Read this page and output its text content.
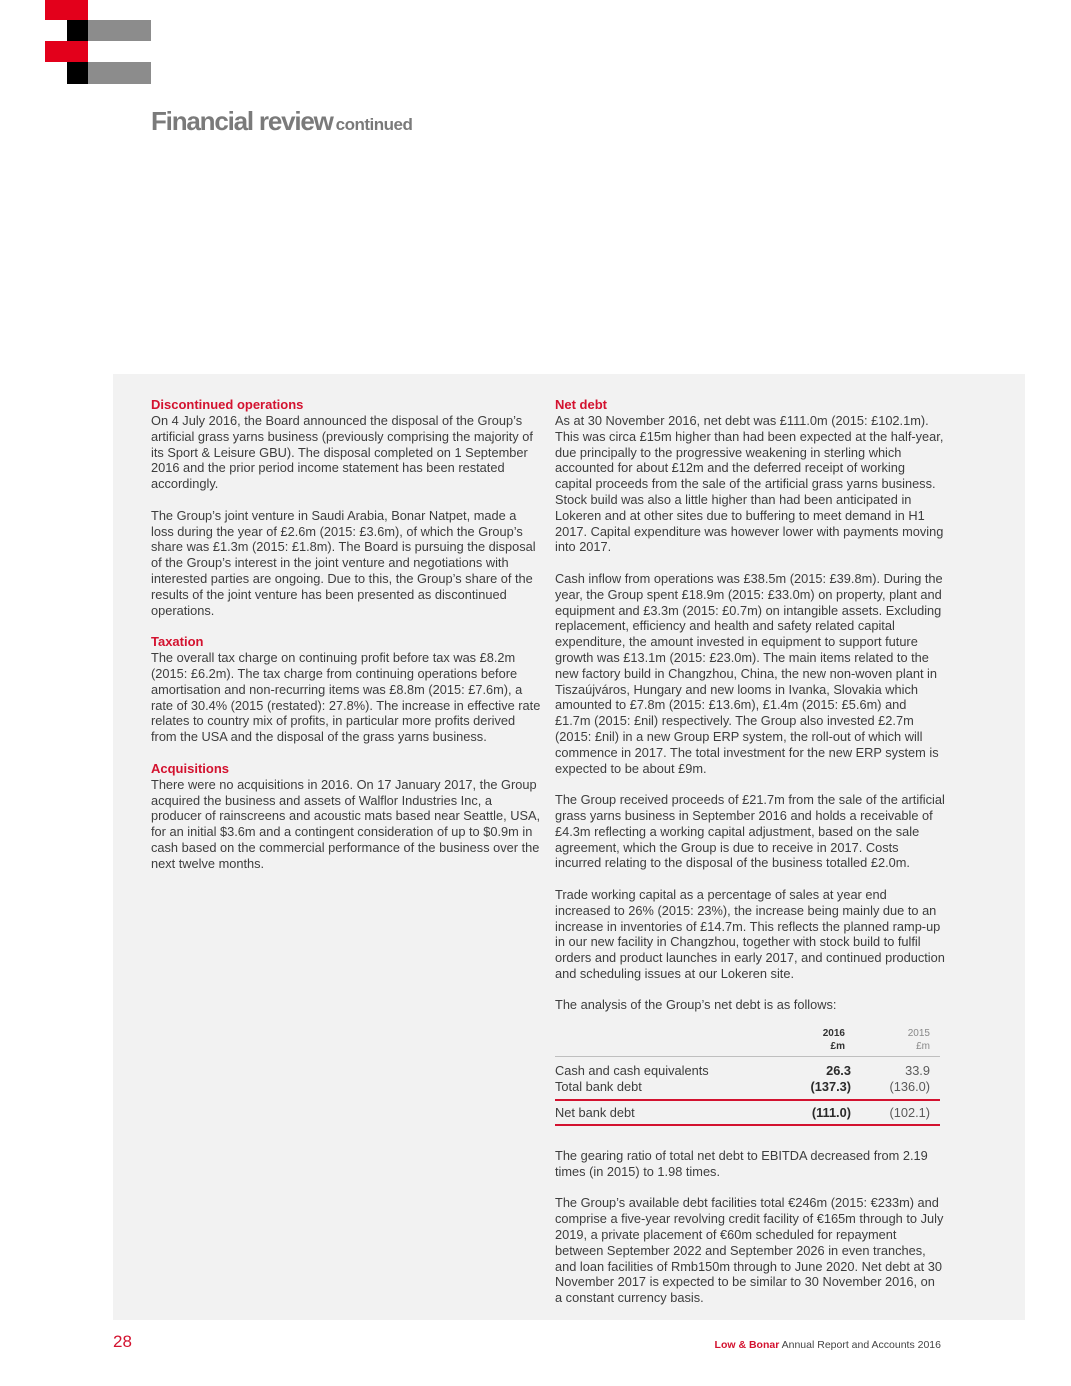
Financial review continued
Discontinued operations

On 4 July 2016, the Board announced the disposal of the Group’s artificial grass yarns business (previously comprising the majority of its Sport & Leisure GBU). The disposal completed on 1 September 2016 and the prior period income statement has been restated accordingly.

The Group’s joint venture in Saudi Arabia, Bonar Natpet, made a loss during the year of £2.6m (2015: £3.6m), of which the Group’s share was £1.3m (2015: £1.8m). The Board is pursuing the disposal of the Group’s interest in the joint venture and negotiations with interested parties are ongoing. Due to this, the Group’s share of the results of the joint venture has been presented as discontinued operations.

Taxation

The overall tax charge on continuing profit before tax was £8.2m (2015: £6.2m). The tax charge from continuing operations before amortisation and non-recurring items was £8.8m (2015: £7.6m), a rate of 30.4% (2015 (restated): 27.8%). The increase in effective rate relates to country mix of profits, in particular more profits derived from the USA and the disposal of the grass yarns business.

Acquisitions

There were no acquisitions in 2016. On 17 January 2017, the Group acquired the business and assets of Walflor Industries Inc, a producer of rainscreens and acoustic mats based near Seattle, USA, for an initial $3.6m and a contingent consideration of up to $0.9m in cash based on the commercial performance of the business over the next twelve months.

Net debt

As at 30 November 2016, net debt was £111.0m (2015: £102.1m). This was circa £15m higher than had been expected at the half-year, due principally to the progressive weakening in sterling which accounted for about £12m and the deferred receipt of working capital proceeds from the sale of the artificial grass yarns business. Stock build was also a little higher than had been anticipated in Lokeren and at other sites due to buffering to meet demand in H1 2017. Capital expenditure was however lower with payments moving into 2017.

Cash inflow from operations was £38.5m (2015: £39.8m). During the year, the Group spent £18.9m (2015: £33.0m) on property, plant and equipment and £3.3m (2015: £0.7m) on intangible assets. Excluding replacement, efficiency and health and safety related capital expenditure, the amount invested in equipment to support future growth was £13.1m (2015: £23.0m). The main items related to the new factory build in Changzhou, China, the new non-woven plant in Tiszaújváros, Hungary and new looms in Ivanka, Slovakia which amounted to £7.8m (2015: £13.6m), £1.4m (2015: £5.6m) and £1.7m (2015: £nil) respectively. The Group also invested £2.7m (2015: £nil) in a new Group ERP system, the roll-out of which will commence in 2017. The total investment for the new ERP system is expected to be about £9m.

The Group received proceeds of £21.7m from the sale of the artificial grass yarns business in September 2016 and holds a receivable of £4.3m reflecting a working capital adjustment, based on the sale agreement, which the Group is due to receive in 2017. Costs incurred relating to the disposal of the business totalled £2.0m.

Trade working capital as a percentage of sales at year end increased to 26% (2015: 23%), the increase being mainly due to an increase in inventories of £14.7m. This reflects the planned ramp-up in our new facility in Changzhou, together with stock build to fulfil orders and product launches in early 2017, and continued production and scheduling issues at our Lokeren site.

The analysis of the Group’s net debt is as follows:

	2016	2015
	£m	£m
Cash and cash equivalents	26.3	33.9
Total bank debt	(137.3)	(136.0)
Net bank debt	(111.0)	(102.1)

The gearing ratio of total net debt to EBITDA decreased from 2.19 times (in 2015) to 1.98 times.

The Group’s available debt facilities total €246m (2015: €233m) and comprise a five-year revolving credit facility of €165m through to July 2019, a private placement of €60m scheduled for repayment between September 2022 and September 2026 in even tranches, and loan facilities of Rmb150m through to June 2020. Net debt at 30 November 2017 is expected to be similar to 30 November 2016, on a constant currency basis.

28	Low & Bonar Annual Report and Accounts 2016
